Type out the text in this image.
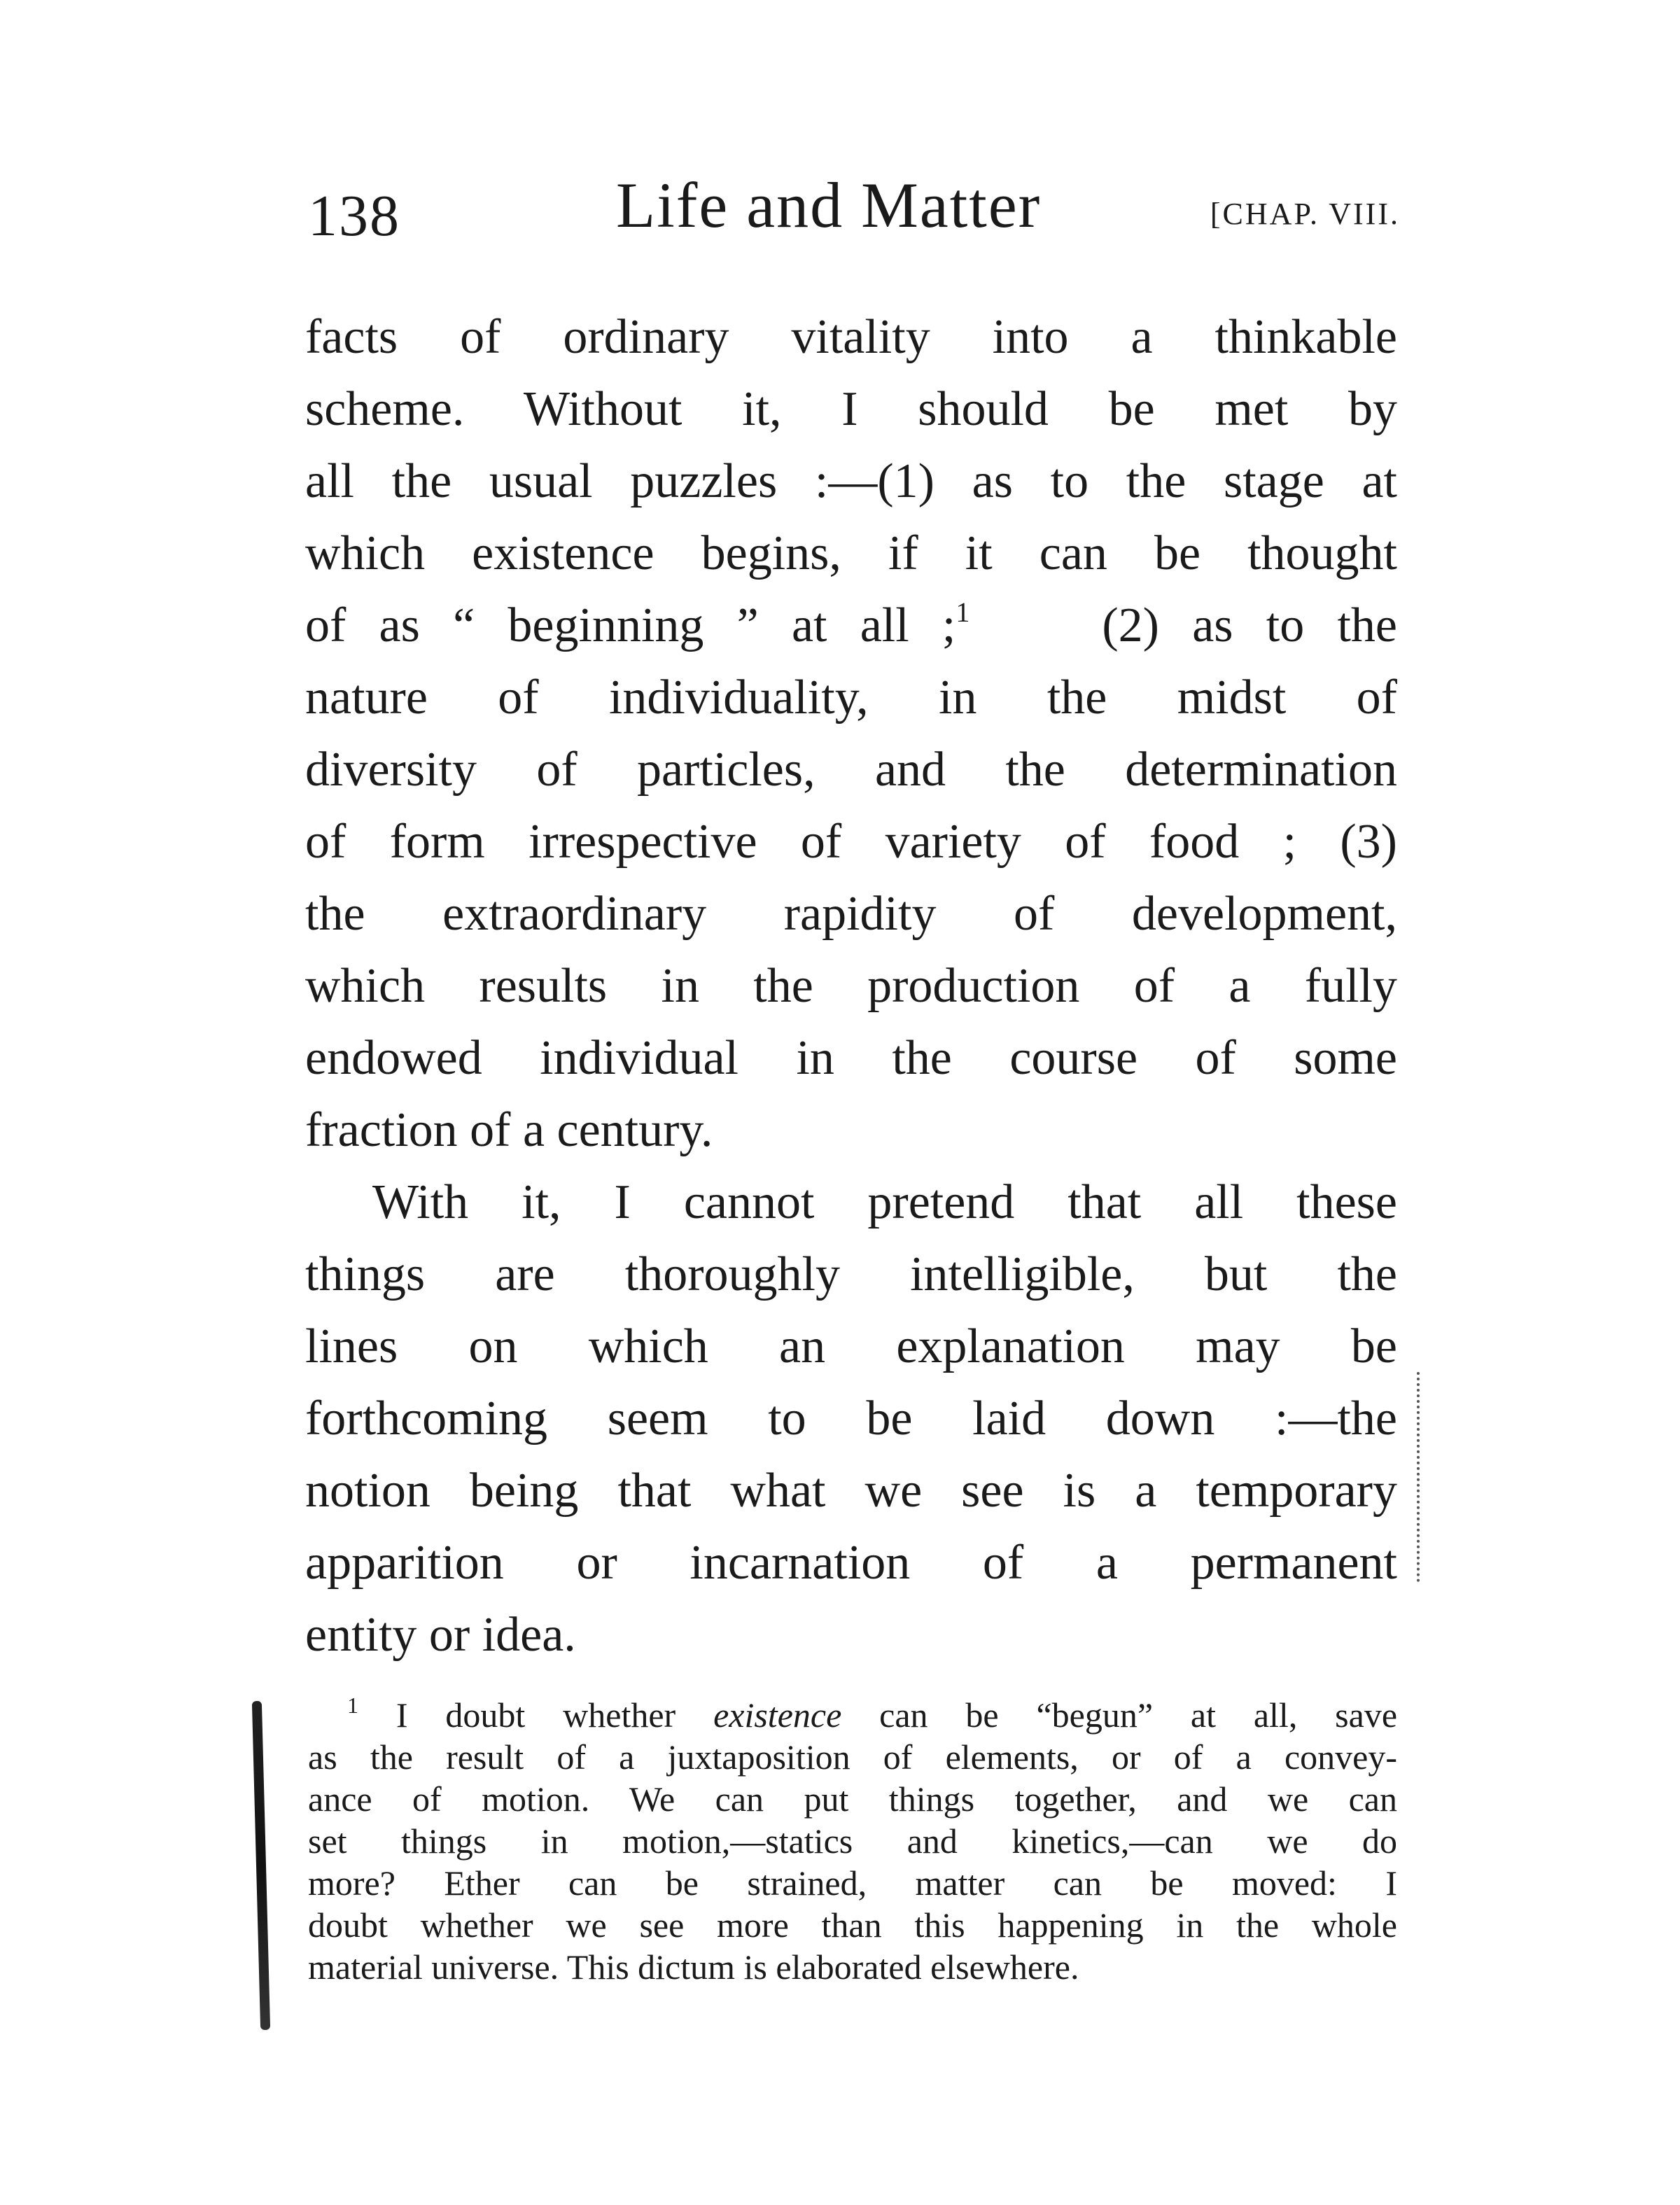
138	Life and Matter	[CHAP. VIII.
facts of ordinary vitality into a thinkable
scheme. Without it, I should be met by
all the usual puzzles :—(1) as to the stage at
which existence begins, if it can be thought
of as “ beginning ” at all ;$^1$	(2) as to the
nature of individuality, in the midst of
diversity of particles, and the determination
of form irrespective of variety of food ; (3)
the extraordinary rapidity of development,
which results in the production of a fully
endowed individual in the course of some
fraction of a century.
With it, I cannot pretend that all these
things are thoroughly intelligible, but the
lines on which an explanation may be
forthcoming seem to be laid down :—the
notion being that what we see is a temporary
apparition or incarnation of a permanent
entity or idea.
$^1$ I doubt whether existence can be “begun” at all, save
as the result of a juxtaposition of elements, or of a convey-
ance of motion. We can put things together, and we can
set things in motion,—statics and kinetics,—can we do
more? Ether can be strained, matter can be moved: I
doubt whether we see more than this happening in the whole
material universe. This dictum is elaborated elsewhere.
